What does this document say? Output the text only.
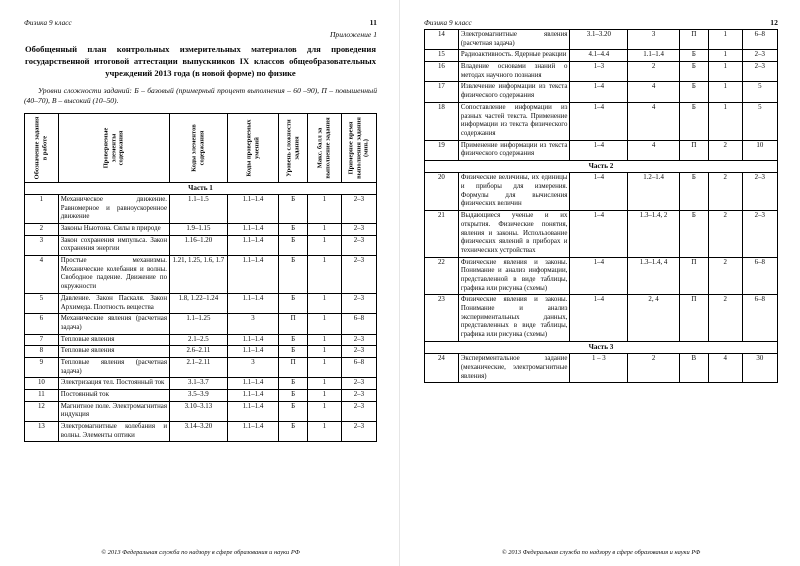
Физика 9 класс	11
Приложение 1
Обобщенный план контрольных измерительных материалов для проведения государственной итоговой аттестации выпускников IX классов общеобразовательных учреждений 2013 года (в новой форме) по физике

Уровни сложности заданий: Б – базовый (примерный процент выполнения – 60 –90), П – повышенный (40–70), В – высокий (10–50).

Обозначение задания в работе	Проверяемые элементы содержания	Коды элементов содержания	Коды проверяемых умений	Уровень сложности задания	Макс. балл за выполнение задания	Примерное время выполнения задания (мин.)

Часть 1						
1	Механическое движение. Равномерное и равноускоренное движение	1.1–1.5	1.1–1.4	Б	1	2–3
2	Законы Ньютона. Силы в природе	1.9–1.15	1.1–1.4	Б	1	2–3
3	Закон сохранения импульса. Закон сохранения энергии	1.16–1.20	1.1–1.4	Б	1	2–3
4	Простые механизмы. Механические колебания и волны. Свободное падение. Движение по окружности	1.21, 1.25, 1.6, 1.7	1.1–1.4	Б	1	2–3
5	Давление. Закон Паскаля. Закон Архимеда. Плотность вещества	1.8, 1.22–1.24	1.1–1.4	Б	1	2–3
6	Механические явления (расчетная задача)	1.1–1.25	3	П	1	6–8
7	Тепловые явления	2.1–2.5	1.1–1.4	Б	1	2–3
8	Тепловые явления	2.6–2.11	1.1–1.4	Б	1	2–3
9	Тепловые явления (расчетная задача)	2.1–2.11	3	П	1	6–8
10	Электризация тел. Постоянный ток	3.1–3.7	1.1–1.4	Б	1	2–3
11	Постоянный ток	3.5–3.9	1.1–1.4	Б	1	2–3
12	Магнитное поле. Электромагнитная индукция	3.10–3.13	1.1–1.4	Б	1	2–3
13	Электромагнитные колебания и волны. Элементы оптики	3.14–3.20	1.1–1.4	Б	1	2–3
© 2013 Федеральная служба по надзору в сфере образования и науки РФ
Физика 9 класс	12
14	Электромагнитные явления (расчетная задача)	3.1–3.20	3	П	1	6–8
15	Радиоактивность. Ядерные реакции	4.1–4.4	1.1–1.4	Б	1	2–3
16	Владение основами знаний о методах научного познания	1–3	2	Б	1	2–3
17	Извлечение информации из текста физического содержания	1–4	4	Б	1	5
18	Сопоставление информации из разных частей текста. Применение информации из текста физического содержания	1–4	4	Б	1	5
19	Применение информации из текста физического содержания	1–4	4	П	2	10
Часть 2						
20	Физические величины, их единицы и приборы для измерения. Формулы для вычисления физических величин	1–4	1.2–1.4	Б	2	2–3
21	Выдающиеся ученые и их открытия. Физические понятия, явления и законы. Использование физических явлений в приборах и технических устройствах	1–4	1.3–1.4, 2	Б	2	2–3
22	Физические явления и законы. Понимание и анализ информации, представленной в виде таблицы, графика или рисунка (схемы)	1–4	1.3–1.4, 4	П	2	6–8
23	Физические явления и законы. Понимание и анализ экспериментальных данных, представленных в виде таблицы, графика или рисунка (схемы)	1–4	2, 4	П	2	6–8
Часть 3						
24	Экспериментальное задание (механические, электромагнитные явления)	1 – 3	2	В	4	30
© 2013 Федеральная служба по надзору в сфере образования и науки РФ
